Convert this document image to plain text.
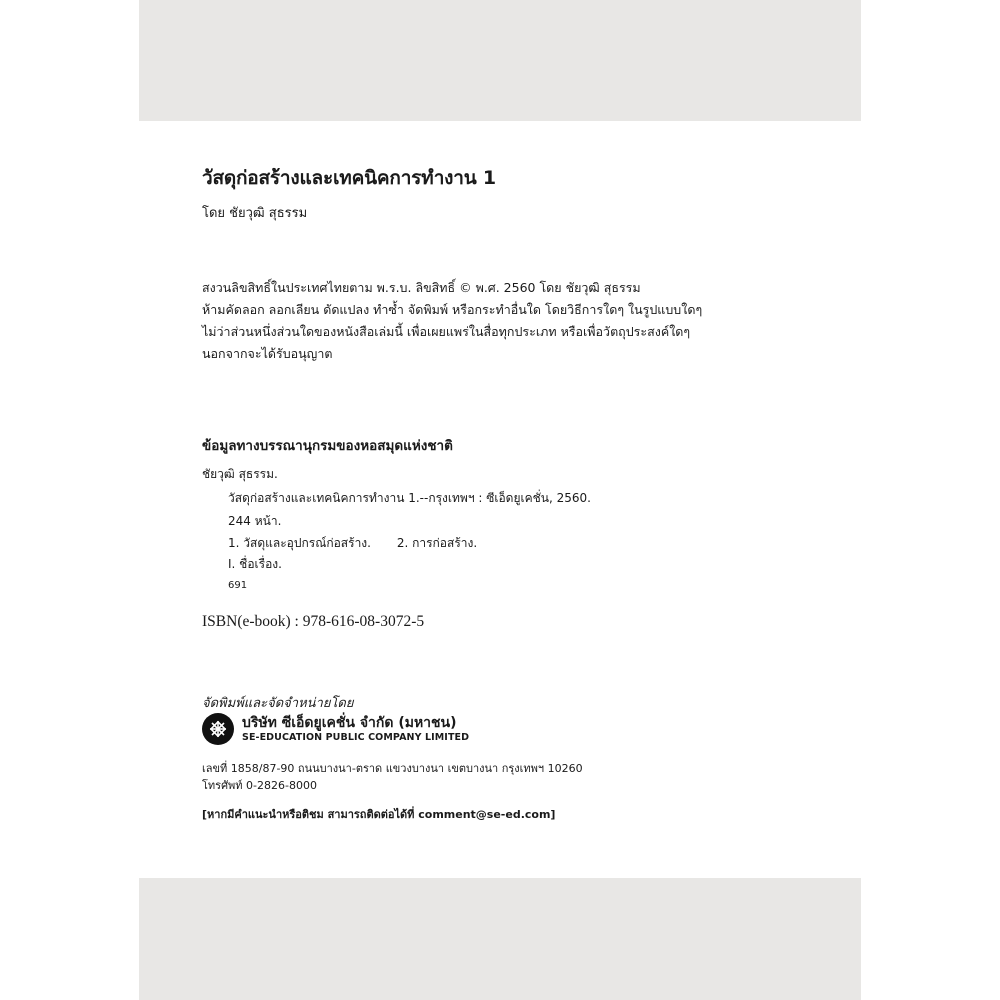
วัสดุก่อสร้างและเทคนิคการทำงาน 1
โดย ชัยวุฒิ สุธรรม
สงวนลิขสิทธิ์ในประเทศไทยตาม พ.ร.บ. ลิขสิทธิ์ © พ.ศ. 2560 โดย ชัยวุฒิ สุธรรม
ห้ามคัดลอก ลอกเลียน ดัดแปลง ทำซ้ำ จัดพิมพ์ หรือกระทำอื่นใด โดยวิธีการใดๆ ในรูปแบบใดๆ
ไม่ว่าส่วนหนึ่งส่วนใดของหนังสือเล่มนี้ เพื่อเผยแพร่ในสื่อทุกประเภท หรือเพื่อวัตถุประสงค์ใดๆ
นอกจากจะได้รับอนุญาต
ข้อมูลทางบรรณานุกรมของหอสมุดแห่งชาติ
ชัยวุฒิ สุธรรม.
วัสดุก่อสร้างและเทคนิคการทำงาน 1.--กรุงเทพฯ : ซีเอ็ดยูเคชั่น, 2560.
244 หน้า.
1. วัสดุและอุปกรณ์ก่อสร้าง. 2. การก่อสร้าง.
I. ชื่อเรื่อง.
691
ISBN(e-book) : 978-616-08-3072-5
จัดพิมพ์และจัดจำหน่ายโดย
บริษัท ซีเอ็ดยูเคชั่น จำกัด (มหาชน)
SE-EDUCATION PUBLIC COMPANY LIMITED
เลขที่ 1858/87-90 ถนนบางนา-ตราด แขวงบางนา เขตบางนา กรุงเทพฯ 10260
โทรศัพท์ 0-2826-8000
[หากมีคำแนะนำหรือติชม สามารถติดต่อได้ที่ comment@se-ed.com]
